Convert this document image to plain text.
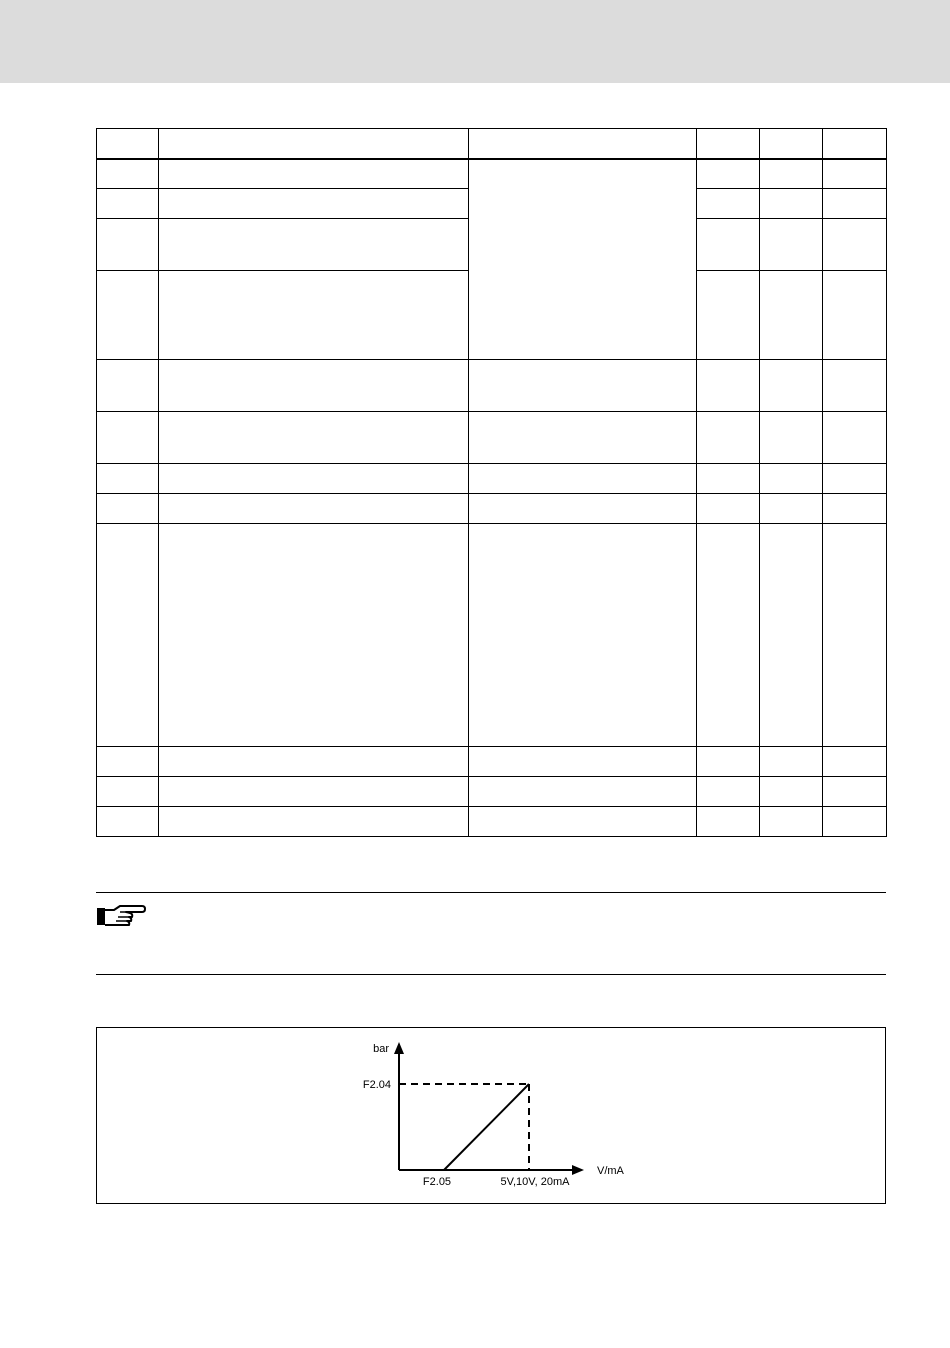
bar
F2.04
F2.05	5V,10V, 20mA
V/mA
